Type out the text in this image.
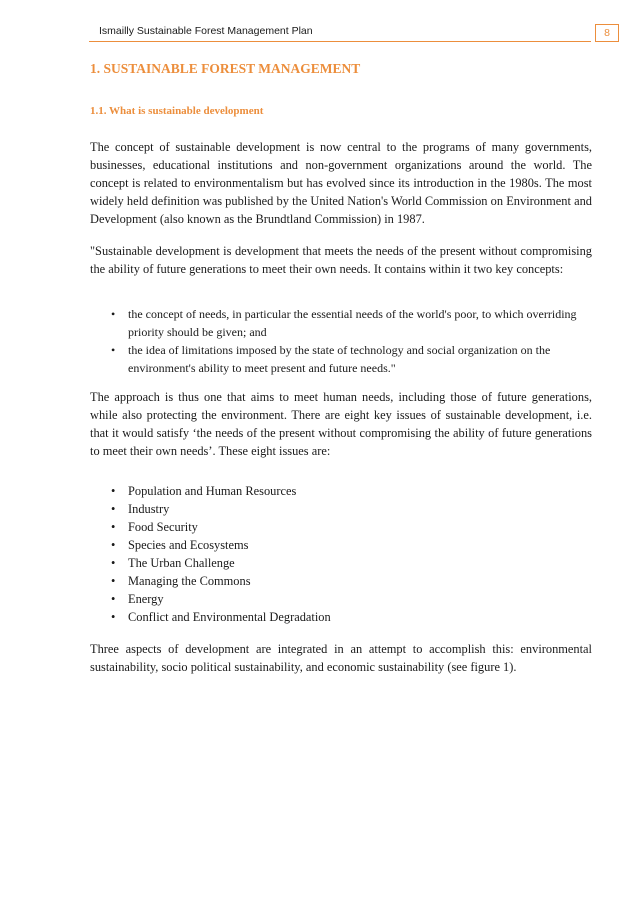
Ismailly Sustainable Forest Management Plan	8
1. SUSTAINABLE FOREST MANAGEMENT
1.1. What is sustainable development

The concept of sustainable development is now central to the programs of many governments, businesses, educational institutions and non-government organizations around the world. The concept is related to environmentalism but has evolved since its introduction in the 1980s. The most widely held definition was published by the United Nation's World Commission on Environment and Development (also known as the Brundtland Commission) in 1987.

"Sustainable development is development that meets the needs of the present without compromising the ability of future generations to meet their own needs. It contains within it two key concepts:

• the concept of needs, in particular the essential needs of the world's poor, to which overriding priority should be given; and
• the idea of limitations imposed by the state of technology and social organization on the environment's ability to meet present and future needs."

The approach is thus one that aims to meet human needs, including those of future generations, while also protecting the environment. There are eight key issues of sustainable development, i.e. that it would satisfy ‘the needs of the present without compromising the ability of future generations to meet their own needs’. These eight issues are:

• Population and Human Resources
• Industry
• Food Security
• Species and Ecosystems
• The Urban Challenge
• Managing the Commons
• Energy
• Conflict and Environmental Degradation

Three aspects of development are integrated in an attempt to accomplish this: environmental sustainability, socio political sustainability, and economic sustainability (see figure 1).
